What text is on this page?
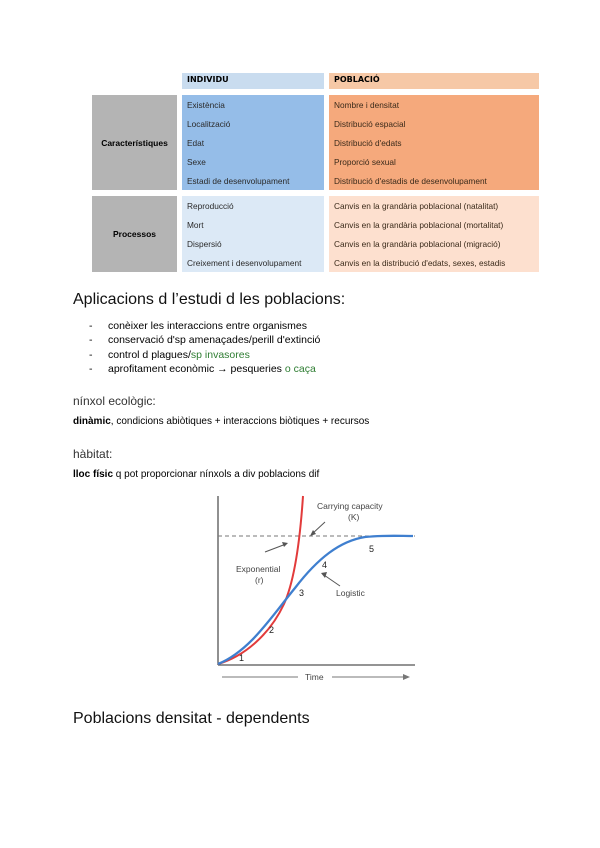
INDIVIDU	POBLACIÓ
Característiques
Existència
Localització
Edat
Sexe
Estadi de desenvolupament
Nombre i densitat
Distribució espacial
Distribució d'edats
Proporció sexual
Distribució d'estadis de desenvolupament
Processos
Reproducció
Mort
Dispersió
Creixement i desenvolupament
Canvis en la grandària poblacional (natalitat)
Canvis en la grandària poblacional (mortalitat)
Canvis en la grandària poblacional (migració)
Canvis en la distribució d'edats, sexes, estadis
Aplicacions d l’estudi d les poblacions:
- conèixer les interaccions entre organismes
- conservació d'sp amenaçades/perill d'extinció
- control d plagues/sp invasores
- aprofitament econòmic → pesqueries o caça
nínxol ecològic:
dinàmic, condicions abiòtiques + interaccions biòtiques + recursos
hàbitat:
lloc físic q pot proporcionar nínxols a div poblacions dif
Carrying capacity
(K)
Exponential
(r)
Logistic
1
2
3
4
5
Time
Poblacions densitat - dependents
